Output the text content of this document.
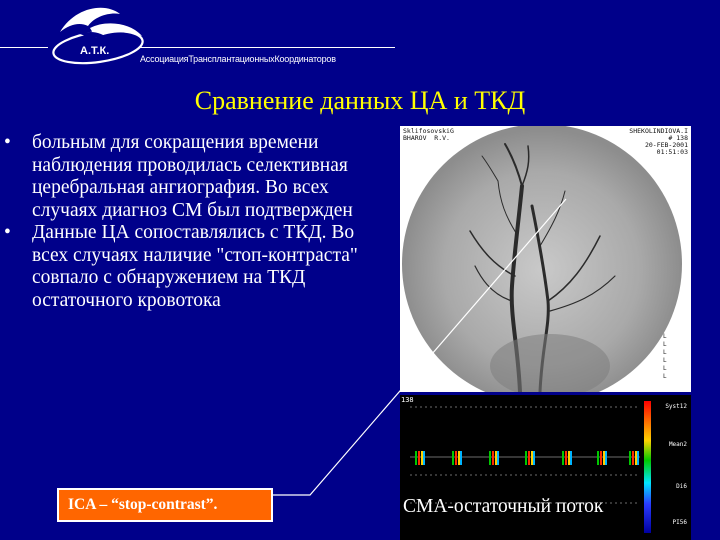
А.Т.К.
АссоциацияТрансплантационныхКоординаторов
Сравнение данных ЦА и ТКД
• больным для сокращения времени наблюдения проводилась селективная церебральная ангиография. Во всех случаях диагноз СМ был подтвержден
• Данные ЦА сопоставлялись с ТКД. Во всех случаях наличие "стоп-контраста" совпало с обнаружением на ТКД остаточного кровотока
L
L
L
L
L
L
SklifosovskiG
BHAROV  R.V.
SHEKOLINDIOVA.I
# 138
20-FEB-2001
01:51:03
138
Syst12
Mean2
Di6
PI56
СМА-остаточный поток
ICA – “stop-contrast”.
